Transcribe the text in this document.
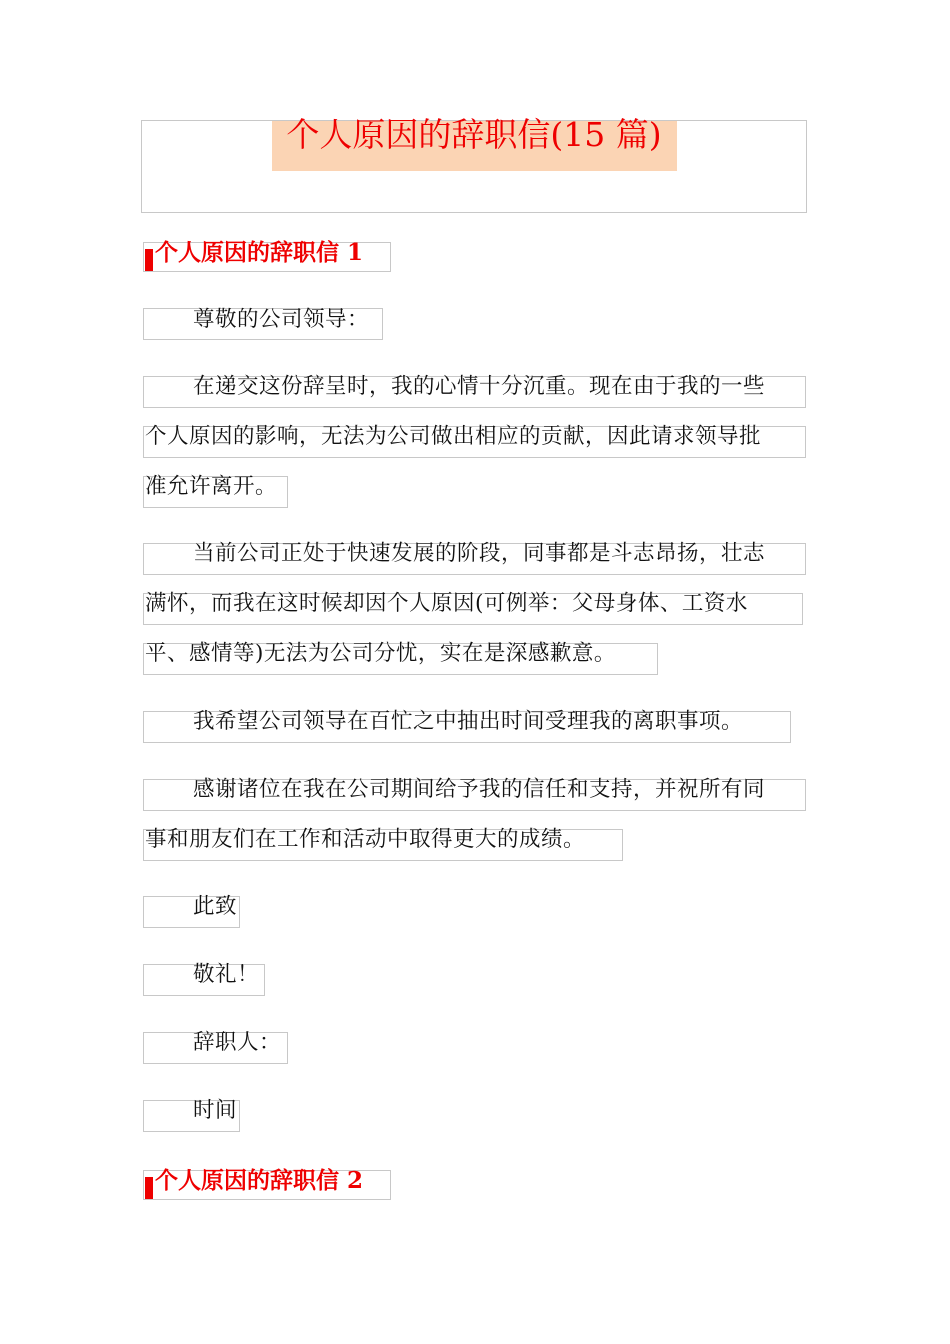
个人原因的辞职信(15 篇)
个人原因的辞职信 1
尊敬的公司领导：
在递交这份辞呈时，我的心情十分沉重。现在由于我的一些
个人原因的影响，无法为公司做出相应的贡献，因此请求领导批
准允许离开。
当前公司正处于快速发展的阶段，同事都是斗志昂扬，壮志
满怀，而我在这时候却因个人原因(可例举：父母身体、工资水
平、感情等)无法为公司分忧，实在是深感歉意。
我希望公司领导在百忙之中抽出时间受理我的离职事项。
感谢诸位在我在公司期间给予我的信任和支持，并祝所有同
事和朋友们在工作和活动中取得更大的成绩。
此致
敬礼！
辞职人：
时间
个人原因的辞职信 2
